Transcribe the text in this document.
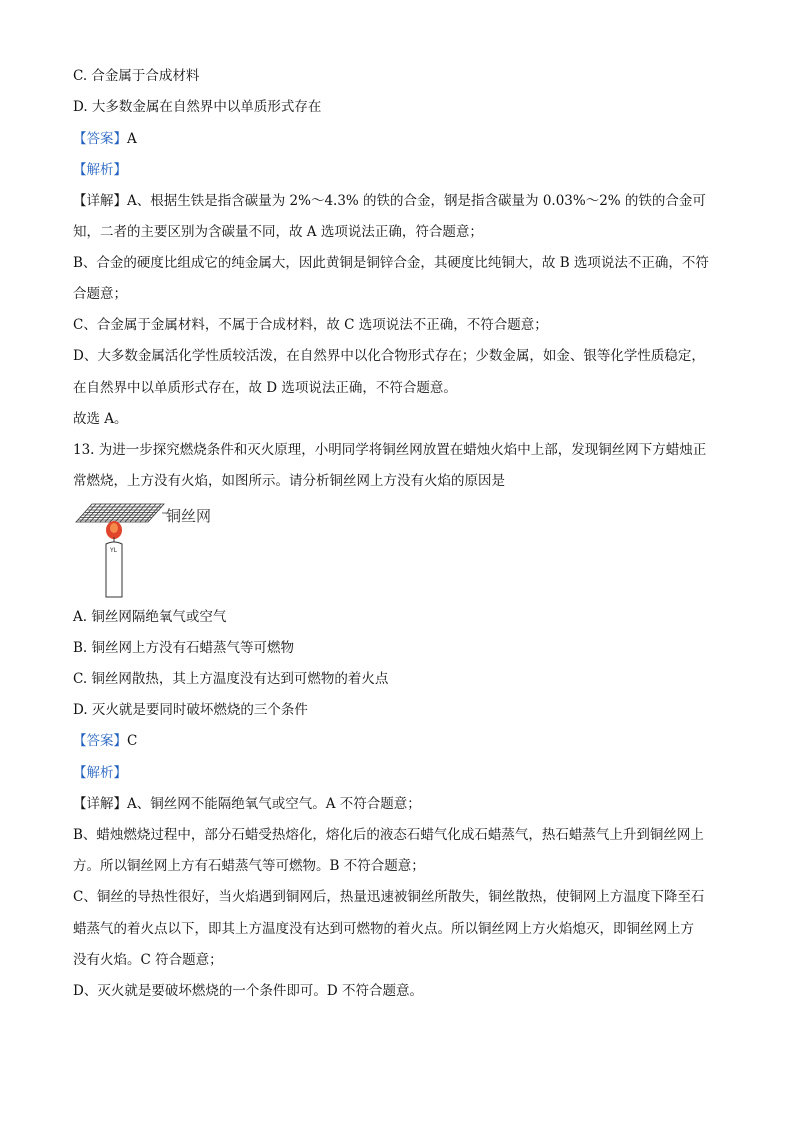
C. 合金属于合成材料
D. 大多数金属在自然界中以单质形式存在
【答案】A
【解析】
【详解】A、根据生铁是指含碳量为 2%～4.3% 的铁的合金，钢是指含碳量为 0.03%～2% 的铁的合金可
知，二者的主要区别为含碳量不同，故 A 选项说法正确，符合题意；
B、合金的硬度比组成它的纯金属大，因此黄铜是铜锌合金，其硬度比纯铜大，故 B 选项说法不正确，不符
合题意；
C、合金属于金属材料，不属于合成材料，故 C 选项说法不正确，不符合题意；
D、大多数金属活化学性质较活泼，在自然界中以化合物形式存在；少数金属，如金、银等化学性质稳定，
在自然界中以单质形式存在，故 D 选项说法正确，不符合题意。
故选 A。
13. 为进一步探究燃烧条件和灭火原理，小明同学将铜丝网放置在蜡烛火焰中上部，发现铜丝网下方蜡烛正
常燃烧，上方没有火焰，如图所示。请分析铜丝网上方没有火焰的原因是
YL
铜丝网
A. 铜丝网隔绝氧气或空气
B. 铜丝网上方没有石蜡蒸气等可燃物
C. 铜丝网散热，其上方温度没有达到可燃物的着火点
D. 灭火就是要同时破坏燃烧的三个条件
【答案】C
【解析】
【详解】A、铜丝网不能隔绝氧气或空气。A 不符合题意；
B、蜡烛燃烧过程中，部分石蜡受热熔化，熔化后的液态石蜡气化成石蜡蒸气，热石蜡蒸气上升到铜丝网上
方。所以铜丝网上方有石蜡蒸气等可燃物。B 不符合题意；
C、铜丝的导热性很好，当火焰遇到铜网后，热量迅速被铜丝所散失，铜丝散热，使铜网上方温度下降至石
蜡蒸气的着火点以下，即其上方温度没有达到可燃物的着火点。所以铜丝网上方火焰熄灭，即铜丝网上方
没有火焰。C 符合题意；
D、灭火就是要破坏燃烧的一个条件即可。D 不符合题意。
